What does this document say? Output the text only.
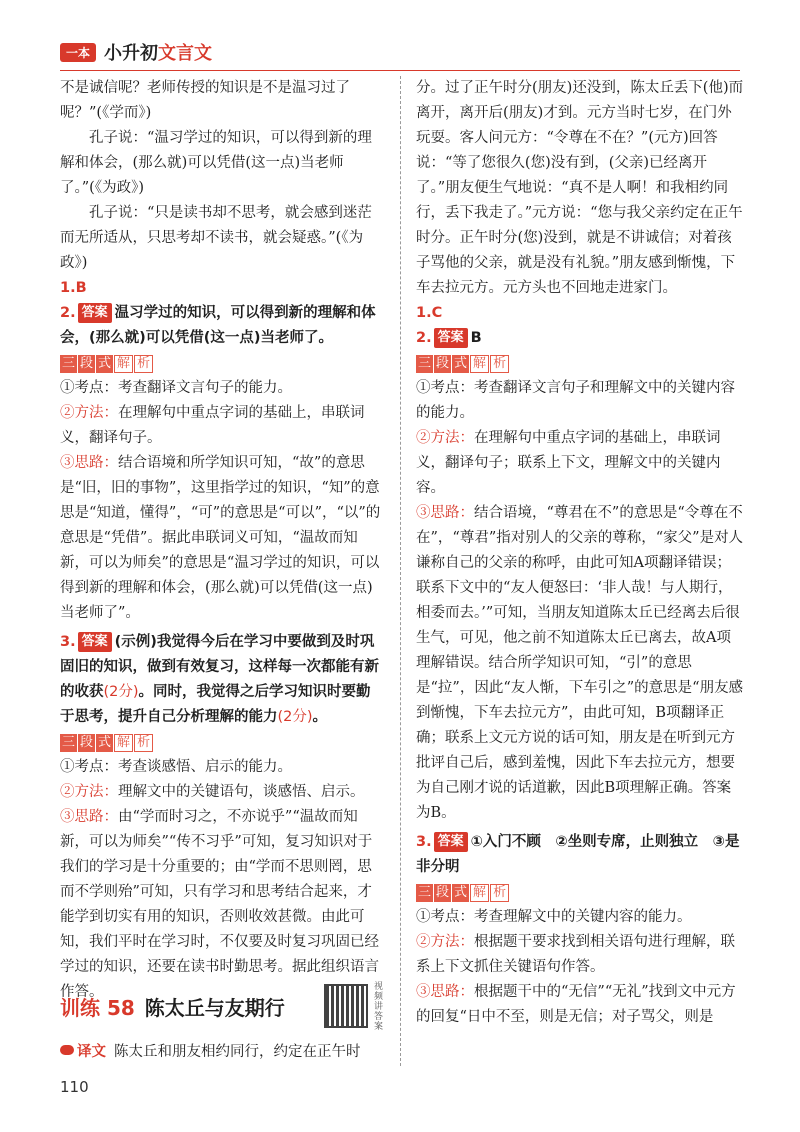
一本 小升初文言文

不是诚信呢？老师传授的知识是不是温习过了呢？”(《学而》)

孔子说：“温习学过的知识，可以得到新的理解和体会，(那么就)可以凭借(这一点)当老师了。”(《为政》)

孔子说：“只是读书却不思考，就会感到迷茫而无所适从，只思考却不读书，就会疑惑。”(《为政》)

1.B

2. 答案 温习学过的知识，可以得到新的理解和体会，(那么就)可以凭借(这一点)当老师了。

三 段 式 解 析

①考点：考查翻译文言句子的能力。

②方法：在理解句中重点字词的基础上，串联词义，翻译句子。

③思路：结合语境和所学知识可知，“故”的意思是“旧，旧的事物”，这里指学过的知识，“知”的意思是“知道，懂得”，“可”的意思是“可以”，“以”的意思是“凭借”。据此串联词义可知，“温故而知新，可以为师矣”的意思是“温习学过的知识，可以得到新的理解和体会，(那么就)可以凭借(这一点)当老师了”。

3. 答案 (示例)我觉得今后在学习中要做到及时巩固旧的知识，做到有效复习，这样每一次都能有新的收获(2分)。同时，我觉得之后学习知识时要勤于思考，提升自己分析理解的能力(2分)。

三 段 式 解 析

①考点：考查谈感悟、启示的能力。

②方法：理解文中的关键语句，谈感悟、启示。

③思路：由“学而时习之，不亦说乎”“温故而知新，可以为师矣”“传不习乎”可知，复习知识对于我们的学习是十分重要的；由“学而不思则罔，思而不学则殆”可知，只有学习和思考结合起来，才能学到切实有用的知识，否则收效甚微。由此可知，我们平时在学习时，不仅要及时复习巩固已经学过的知识，还要在读书时勤思考。据此组织语言作答。

训练 58 陈太丘与友期行
视频讲答案
译文 陈太丘和朋友相约同行，约定在正午时
110

分。过了正午时分(朋友)还没到，陈太丘丢下(他)而离开，离开后(朋友)才到。元方当时七岁，在门外玩耍。客人问元方：“令尊在不在？”(元方)回答说：“等了您很久(您)没有到，(父亲)已经离开了。”朋友便生气地说：“真不是人啊！和我相约同行，丢下我走了。”元方说：“您与我父亲约定在正午时分。正午时分(您)没到，就是不讲诚信；对着孩子骂他的父亲，就是没有礼貌。”朋友感到惭愧，下车去拉元方。元方头也不回地走进家门。

1.C

2. 答案 B

三 段 式 解 析

①考点：考查翻译文言句子和理解文中的关键内容的能力。

②方法：在理解句中重点字词的基础上，串联词义，翻译句子；联系上下文，理解文中的关键内容。

③思路：结合语境，“尊君在不”的意思是“令尊在不在”，“尊君”指对别人的父亲的尊称，“家父”是对人谦称自己的父亲的称呼，由此可知A项翻译错误；联系下文中的“友人便怒曰：‘非人哉！与人期行，相委而去。’”可知，当朋友知道陈太丘已经离去后很生气，可见，他之前不知道陈太丘已离去，故A项理解错误。结合所学知识可知，“引”的意思是“拉”，因此“友人惭，下车引之”的意思是“朋友感到惭愧，下车去拉元方”，由此可知，B项翻译正确；联系上文元方说的话可知，朋友是在听到元方批评自己后，感到羞愧，因此下车去拉元方，想要为自己刚才说的话道歉，因此B项理解正确。答案为B。

3. 答案 ①入门不顾　②坐则专席，止则独立　③是非分明

三 段 式 解 析

①考点：考查理解文中的关键内容的能力。

②方法：根据题干要求找到相关语句进行理解，联系上下文抓住关键语句作答。

③思路：根据题干中的“无信”“无礼”找到文中元方的回复“日中不至，则是无信；对子骂父，则是
